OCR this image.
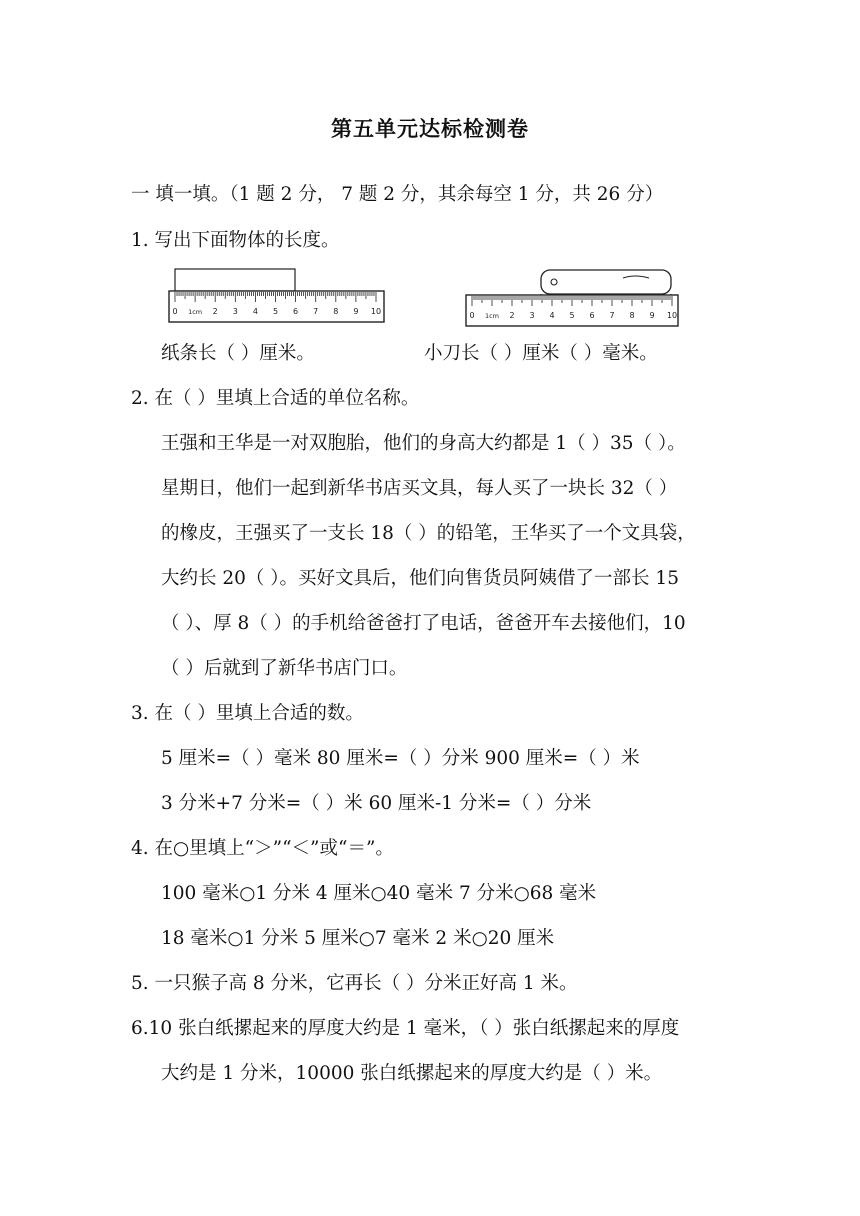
第五单元达标检测卷
一 填一填。（1 题 2 分， 7 题 2 分，其余每空 1 分，共 26 分）
1. 写出下面物体的长度。
0 1cm 2 3 4 5 6 7 8 9 10	0 1cm 2 3 4 5 6 7 8 9 10
纸条长（ ）厘米。	小刀长（ ）厘米（ ）毫米。
2. 在（ ）里填上合适的单位名称。
王强和王华是一对双胞胎，他们的身高大约都是 1（ ）35（ ）。
星期日，他们一起到新华书店买文具，每人买了一块长 32（ ）
的橡皮，王强买了一支长 18（ ）的铅笔，王华买了一个文具袋，
大约长 20（ ）。买好文具后，他们向售货员阿姨借了一部长 15
（ ）、厚 8（ ）的手机给爸爸打了电话，爸爸开车去接他们，10
（ ）后就到了新华书店门口。
3. 在（ ）里填上合适的数。
5 厘米=（ ）毫米 80 厘米=（ ）分米 900 厘米=（ ）米
3 分米+7 分米=（ ）米 60 厘米-1 分米=（ ）分米
4. 在○里填上“＞”“＜”或“＝”。
100 毫米○1 分米 4 厘米○40 毫米 7 分米○68 毫米
18 毫米○1 分米 5 厘米○7 毫米 2 米○20 厘米
5. 一只猴子高 8 分米，它再长（ ）分米正好高 1 米。
6.10 张白纸摞起来的厚度大约是 1 毫米，（ ）张白纸摞起来的厚度
大约是 1 分米，10000 张白纸摞起来的厚度大约是（ ）米。
